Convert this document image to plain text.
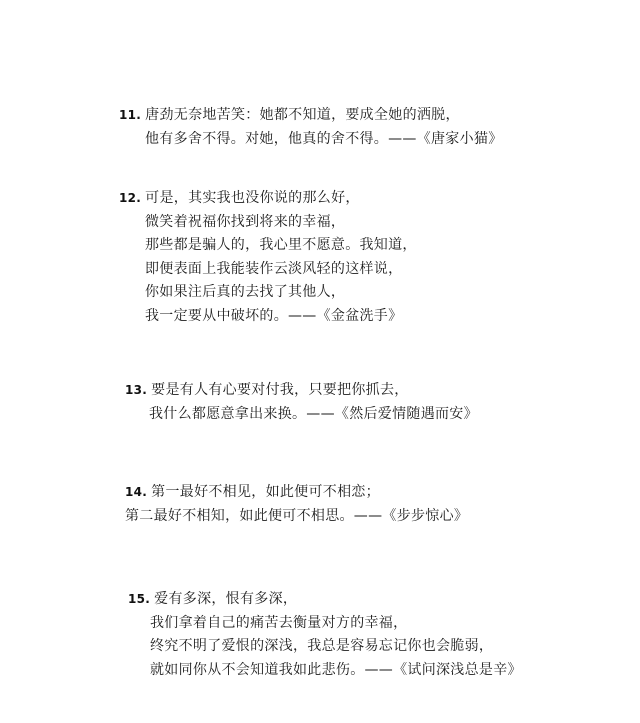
11. 唐劲无奈地苦笑：她都不知道，要成全她的洒脱，
他有多舍不得。对她，他真的舍不得。——《唐家小猫》
12. 可是，其实我也没你说的那么好，
微笑着祝福你找到将来的幸福，
那些都是骗人的，我心里不愿意。我知道，
即便表面上我能装作云淡风轻的这样说，
你如果注后真的去找了其他人，
我一定要从中破坏的。——《金盆洗手》
13. 要是有人有心要对付我，只要把你抓去，
我什么都愿意拿出来换。——《然后爱情随遇而安》
14. 第一最好不相见，如此便可不相恋；
第二最好不相知，如此便可不相思。——《步步惊心》
15. 爱有多深，恨有多深，
我们拿着自己的痛苦去衡量对方的幸福，
终究不明了爱恨的深浅，我总是容易忘记你也会脆弱，
就如同你从不会知道我如此悲伤。——《试问深浅总是辛》
